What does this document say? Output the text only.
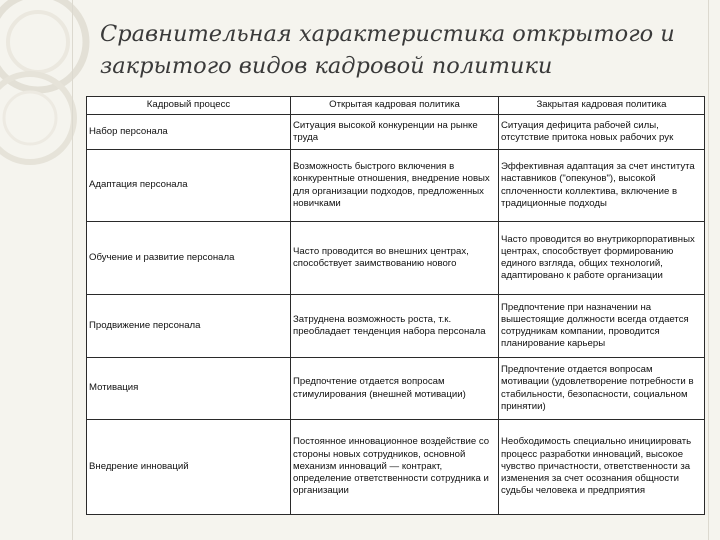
Сравнительная характеристика открытого и
закрытого видов кадровой политики
Кадровый процесс	Открытая кадровая политика	Закрытая кадровая политика
Набор персонала	Ситуация высокой конкуренции на рынке труда	Ситуация дефицита рабочей силы, отсутствие притока новых рабочих рук
Адаптация персонала	Возможность быстрого включения в конкурентные отношения, внедрение новых для организации подходов, предложенных новичками	Эффективная адаптация за счет института наставников ("опекунов"), высокой сплоченности коллектива, включение в традиционные подходы
Обучение и развитие персонала	Часто проводится во внешних центрах, способствует заимствованию нового	Часто проводится во внутрикорпоративных центрах, способствует формированию единого взгляда, общих технологий, адаптировано к работе организации
Продвижение персонала	Затруднена возможность роста, т.к. преобладает тенденция набора персонала	Предпочтение при назначении на вышестоящие должности всегда отдается сотрудникам компании, проводится планирование карьеры
Мотивация	Предпочтение отдается вопросам стимулирования (внешней мотивации)	Предпочтение отдается вопросам мотивации (удовлетворение потребности в стабильности, безопасности, социальном принятии)
Внедрение инноваций	Постоянное инновационное воздействие со стороны новых сотрудников, основной механизм инноваций — контракт, определение ответственности сотрудника и организации	Необходимость специально инициировать процесс разработки инноваций, высокое чувство причастности, ответственности за изменения за счет осознания общности судьбы человека и предприятия
